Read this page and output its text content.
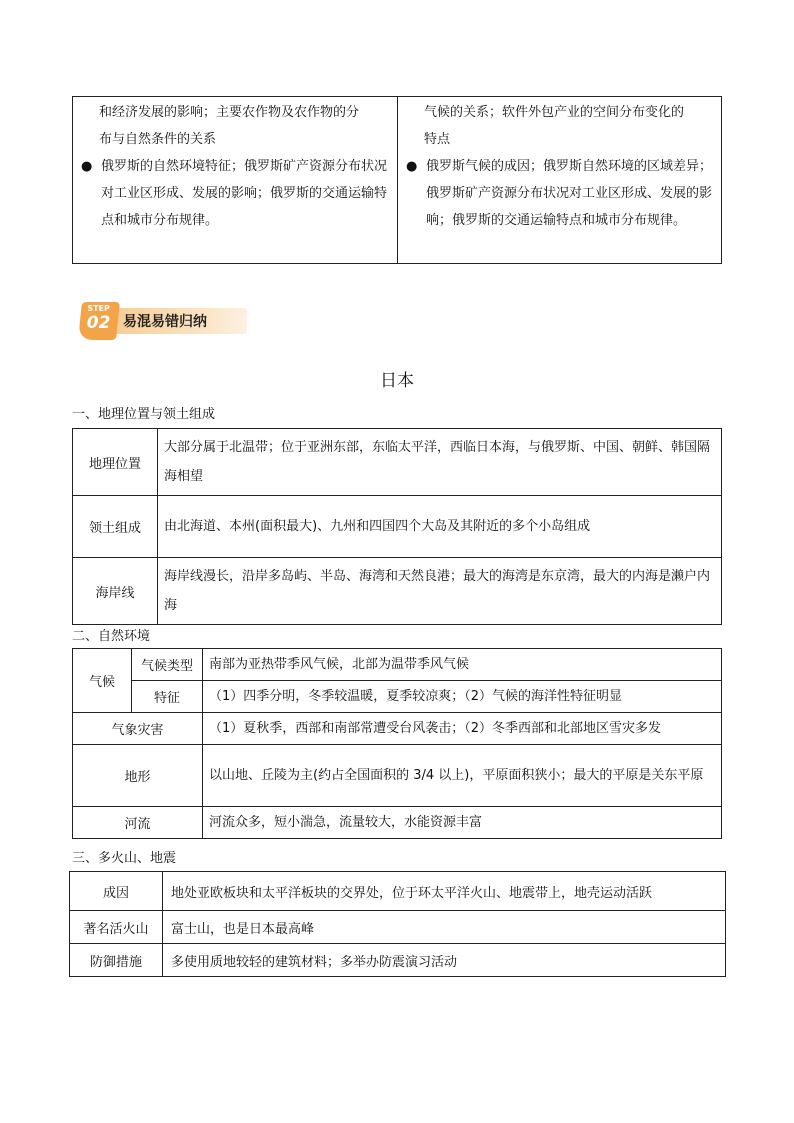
和经济发展的影响；主要农作物及农作物的分
布与自然条件的关系
● 俄罗斯的自然环境特征；俄罗斯矿产资源分布状况对工业区形成、发展的影响；俄罗斯的交通运输特点和城市分布规律。

气候的关系；软件外包产业的空间分布变化的
特点
● 俄罗斯气候的成因；俄罗斯自然环境的区域差异；俄罗斯矿产资源分布状况对工业区形成、发展的影响；俄罗斯的交通运输特点和城市分布规律。
易混易错归纳
STEP
02
日本
一、地理位置与领土组成
地理位置	大部分属于北温带；位于亚洲东部，东临太平洋，西临日本海，与俄罗斯、中国、朝鲜、韩国隔海相望
领土组成	由北海道、本州(面积最大)、九州和四国四个大岛及其附近的多个小岛组成
海岸线	海岸线漫长，沿岸多岛屿、半岛、海湾和天然良港；最大的海湾是东京湾，最大的内海是濑户内海
二、自然环境
气候	气候类型	南部为亚热带季风气候，北部为温带季风气候
	特征	（1）四季分明，冬季较温暖，夏季较凉爽；（2）气候的海洋性特征明显
气象灾害		（1）夏秋季，西部和南部常遭受台风袭击；（2）冬季西部和北部地区雪灾多发
地形		以山地、丘陵为主(约占全国面积的 3/4 以上)，平原面积狭小；最大的平原是关东平原
河流		河流众多，短小湍急，流量较大，水能资源丰富
三、多火山、地震
成因	地处亚欧板块和太平洋板块的交界处，位于环太平洋火山、地震带上，地壳运动活跃
著名活火山	富士山，也是日本最高峰
防御措施	多使用质地较轻的建筑材料；多举办防震演习活动
